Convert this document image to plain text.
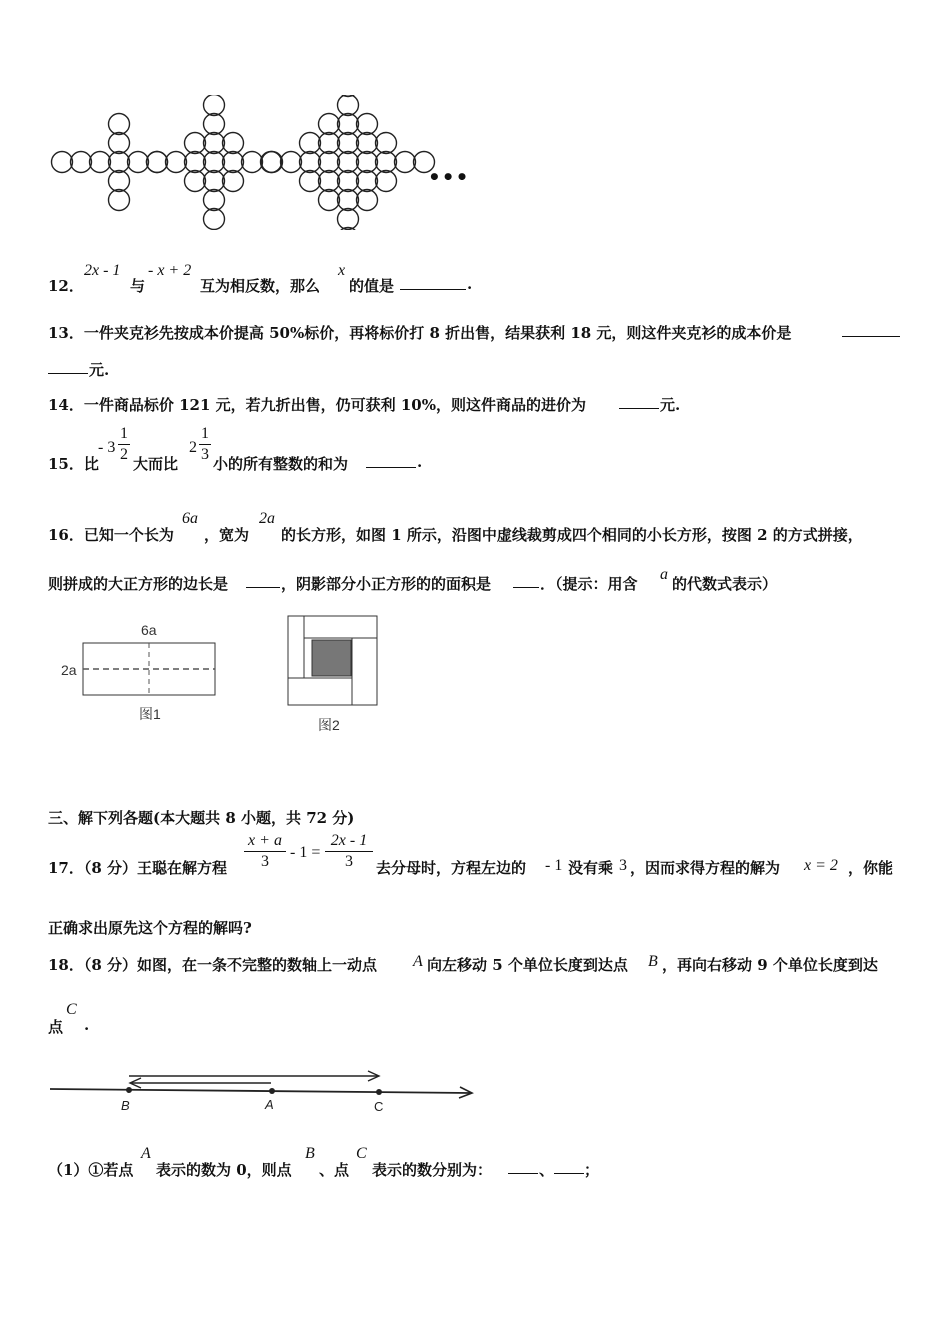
•••
12．
2x - 1
与
- x + 2
互为相反数，那么
x
的值是	.
13．一件夹克衫先按成本价提高 50%标价，再将标价打 8 折出售，结果获利 18 元，则这件夹克衫的成本价是
元.
14．一件商品标价 121 元，若九折出售，仍可获利 10%，则这件商品的进价为	元.
15．比
- 3
1
2
大而比
2
1
3
小的所有整数的和为	.
16．已知一个长为
6a
，宽为
2a
的长方形，如图 1 所示，沿图中虚线裁剪成四个相同的小长方形，按图 2 的方式拼接，
则拼成的大正方形的边长是	，阴影部分小正方形的的面积是	．（提示：用含
a
的代数式表示）
6a
2a
图1
图2
三、解下列各题(本大题共 8 小题，共 72 分)
17．（8 分）王聪在解方程
x + a
3
- 1 =
2x - 1
3	去分母时，方程左边的 - 1 没有乘 3 ，因而求得方程的解为 x = 2 ，你能
正确求出原先这个方程的解吗?
18．（8 分）如图，在一条不完整的数轴上一动点 A 向左移动 5 个单位长度到达点 B ，再向右移动 9 个单位长度到达
点
C
.
B	A	C
（1）①若点
A
表示的数为 0，则点
B
、点
C
表示的数分别为：	、 ；
